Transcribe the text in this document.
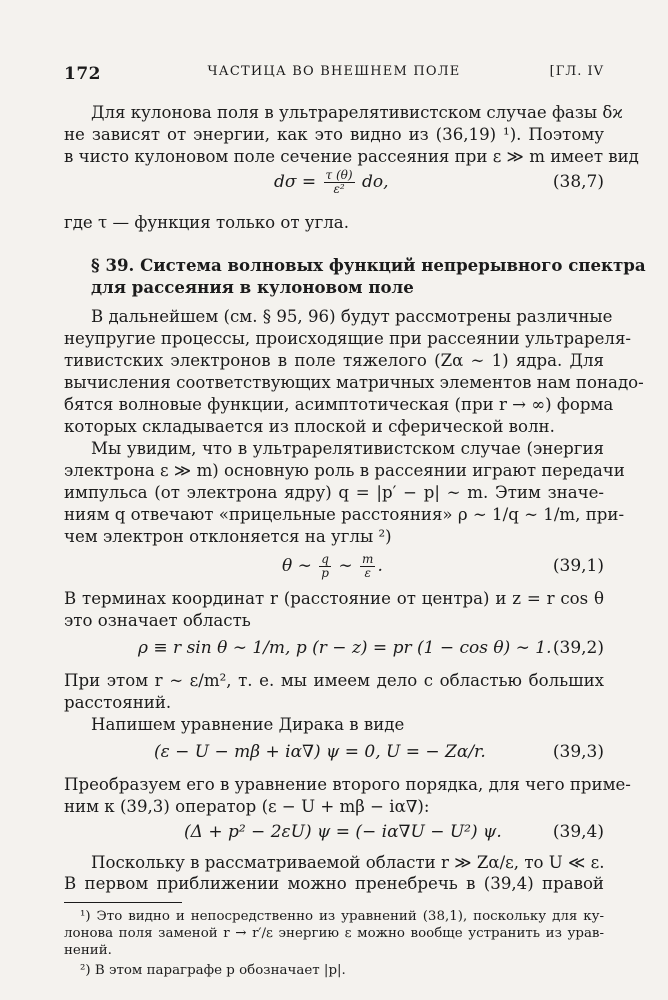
172	ЧАСТИЦА ВО ВНЕШНЕМ ПОЛЕ	[ГЛ. IV
Для кулонова поля в ультрарелятивистском случае фазы δϰ
не зависят от энергии, как это видно из (36,19) ¹). Поэтому
в чисто кулоновом поле сечение рассеяния при ε ≫ m имеет вид
$d\sigma = \frac{\tau (\theta)}{\text{ε²}}$ do,	(38,7)
где τ — функция только от угла.
§ 39. Система волновых функций непрерывного спектра
для рассеяния в кулоновом поле
В дальнейшем (см. § 95, 96) будут рассмотрены различные
неупругие процессы, происходящие при рассеянии ультрареля-
тивистских электронов в поле тяжелого (Zα ∼ 1) ядра. Для
вычисления соответствующих матричных элементов нам понадо-
бятся волновые функции, асимптотическая (при r → ∞) форма
которых складывается из плоской и сферической волн.
Мы увидим, что в ультрарелятивистском случае (энергия
электрона ε ≫ m) основную роль в рассеянии играют передачи
импульса (от электрона ядру) q = |p′ − p| ∼ m. Этим значе-
ниям q отвечают «прицельные расстояния» ρ ∼ 1/q ∼ 1/m, при-
чем электрон отклоняется на углы ²)
θ ∼ $\frac{q}{p}$ ∼ $\frac{m}{\varepsilon}$ .	(39,1)
В терминах координат r (расстояние от центра) и z = r cos θ
это означает область
ρ ≡ r sin θ ∼ 1/m, p (r − z) = pr (1 − cos θ) ∼ 1. (39,2)
При этом r ∼ ε/m², т. е. мы имеем дело с областью больших
расстояний.
Напишем уравнение Дирака в виде
(ε − U − mβ + iα∇) ψ = 0, U = − Zα/r.	(39,3)
Преобразуем его в уравнение второго порядка, для чего приме-
ним к (39,3) оператор (ε − U + mβ − iα∇):
(Δ + p² − 2εU) ψ = (− iα∇U − U²) ψ.	(39,4)
Поскольку в рассматриваемой области r ≫ Zα/ε, то U ≪ ε.
В первом приближении можно пренебречь в (39,4) правой
¹) Это видно и непосредственно из уравнений (38,1), поскольку для ку-
лонова поля заменой r → r′/ε энергию ε можно вообще устранить из урав-
нений.
²) В этом параграфе p обозначает |p|.
